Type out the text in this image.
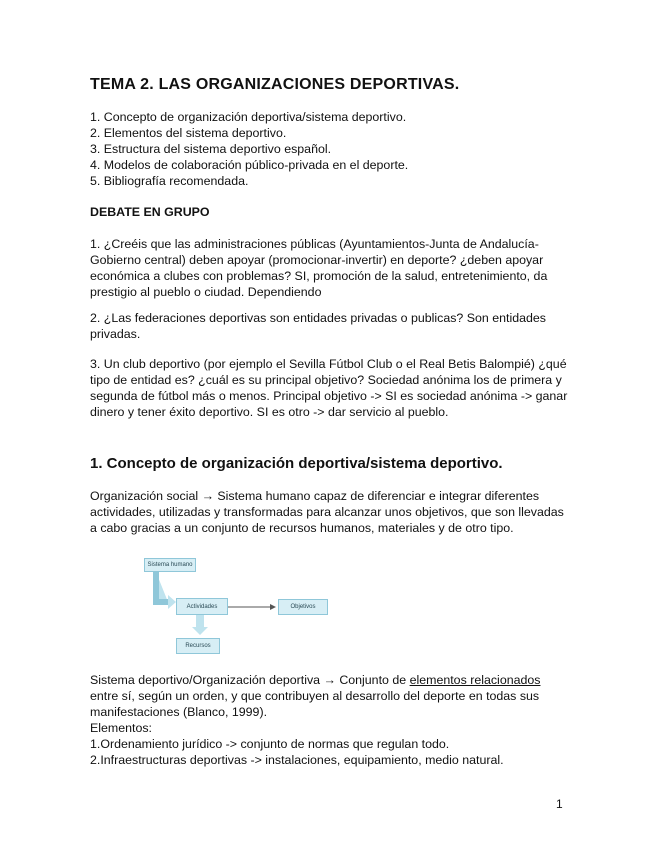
TEMA 2. LAS ORGANIZACIONES DEPORTIVAS.
1. Concepto de organización deportiva/sistema deportivo.
2. Elementos del sistema deportivo.
3. Estructura del sistema deportivo español.
4. Modelos de colaboración público-privada en el deporte.
5. Bibliografía recomendada.
DEBATE EN GRUPO

1. ¿Creéis que las administraciones públicas (Ayuntamientos-Junta de Andalucía-Gobierno central) deben apoyar (promocionar-invertir) en deporte? ¿deben apoyar económica a clubes con problemas? SI, promoción de la salud, entretenimiento, da prestigio al pueblo o ciudad. Dependiendo

2. ¿Las federaciones deportivas son entidades privadas o publicas? Son entidades privadas.

3. Un club deportivo (por ejemplo el Sevilla Fútbol Club o el Real Betis Balompié) ¿qué tipo de entidad es? ¿cuál es su principal objetivo? Sociedad anónima los de primera y segunda de fútbol más o menos. Principal objetivo -> SI es sociedad anónima -> ganar dinero y tener éxito deportivo. SI es otro -> dar servicio al pueblo.

1. Concepto de organización deportiva/sistema deportivo.

Organización social → Sistema humano capaz de diferenciar e integrar diferentes actividades, utilizadas y transformadas para alcanzar unos objetivos, que son llevadas a cabo gracias a un conjunto de recursos humanos, materiales y de otro tipo.

Sistema humano
Actividades	Objetivos
Recursos

Sistema deportivo/Organización deportiva → Conjunto de elementos relacionados entre sí, según un orden, y que contribuyen al desarrollo del deporte en todas sus manifestaciones (Blanco, 1999).

Elementos:
1.Ordenamiento jurídico -> conjunto de normas que regulan todo.
2.Infraestructuras deportivas -> instalaciones, equipamiento, medio natural.
1
